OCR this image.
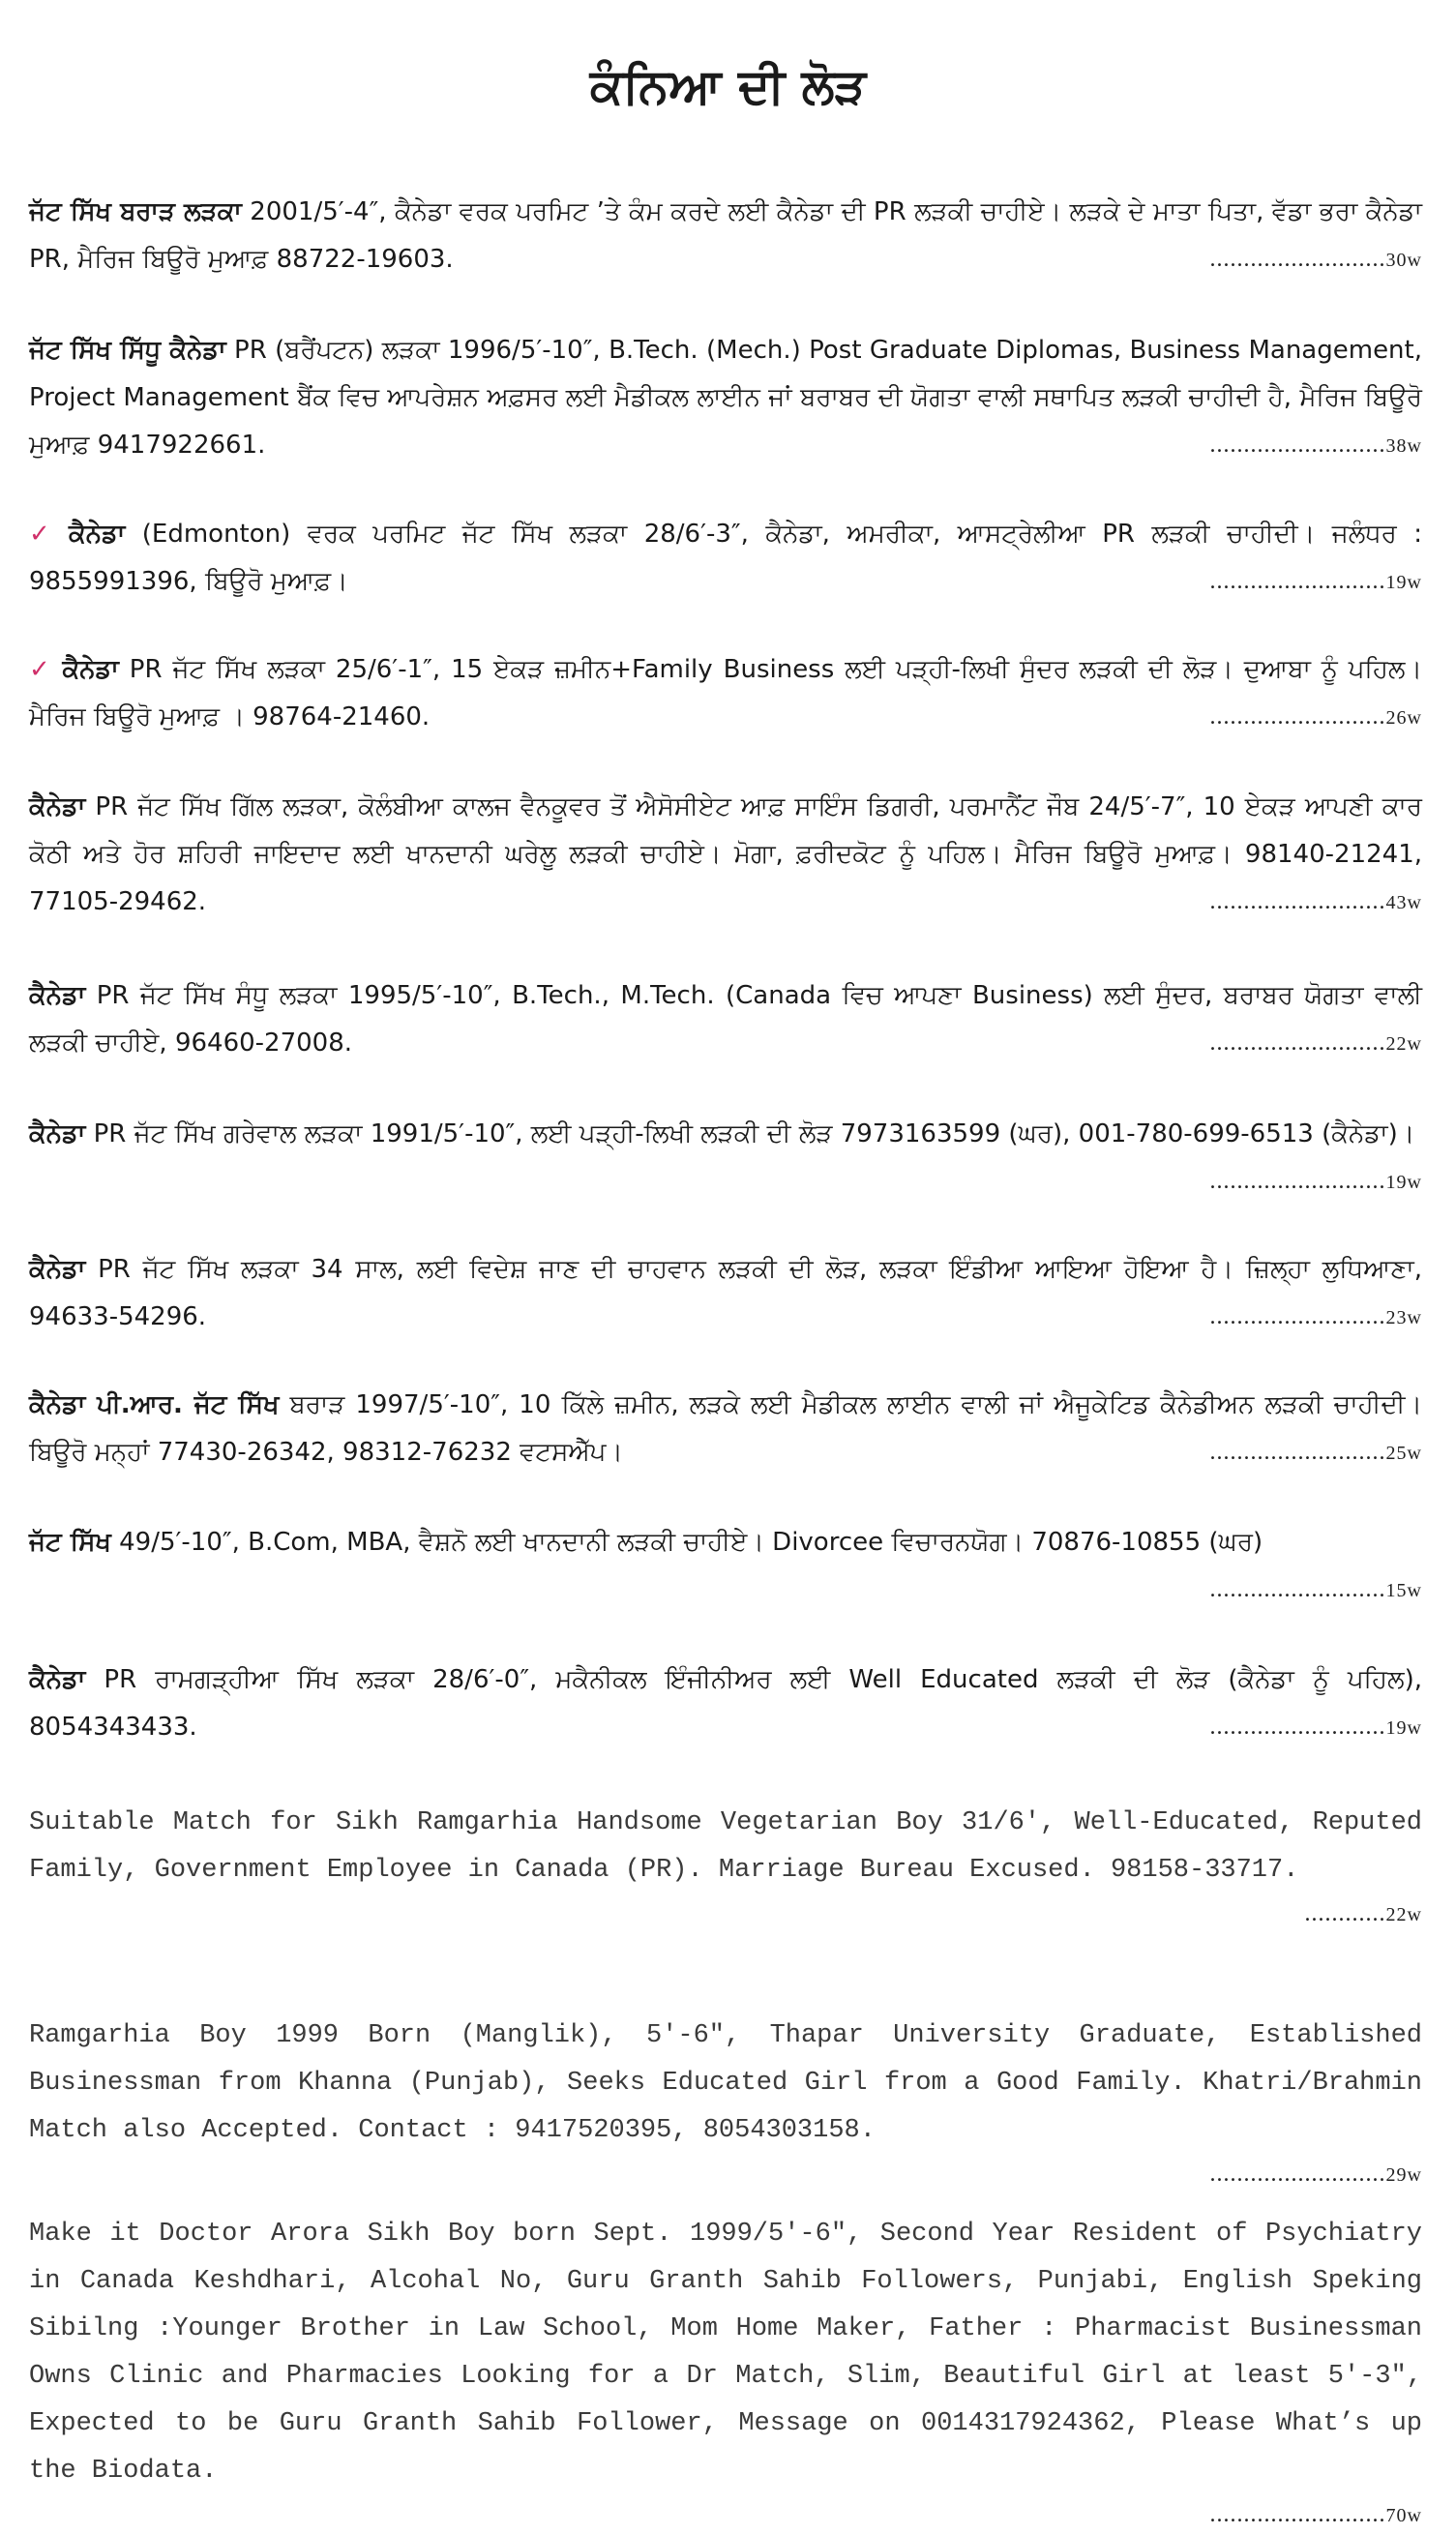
ਕੰਨਿਆ ਦੀ ਲੋੜ
ਜੱਟ ਸਿੱਖ ਬਰਾੜ ਲੜਕਾ 2001/5′-4″, ਕੈਨੇਡਾ ਵਰਕ ਪਰਮਿਟ ’ਤੇ ਕੰਮ ਕਰਦੇ ਲਈ ਕੈਨੇਡਾ ਦੀ PR ਲੜਕੀ ਚਾਹੀਏ। ਲੜਕੇ ਦੇ ਮਾਤਾ ਪਿਤਾ, ਵੱਡਾ ਭਰਾ ਕੈਨੇਡਾ PR, ਮੈਰਿਜ ਬਿਊਰੋ ਮੁਆਫ਼ 88722-19603.	..........................30w
ਜੱਟ ਸਿੱਖ ਸਿੱਧੂ ਕੈਨੇਡਾ PR (ਬਰੈਂਪਟਨ) ਲੜਕਾ 1996/5′-10″, B.Tech. (Mech.) Post Graduate Diplomas, Business Management, Project Management ਬੈਂਕ ਵਿਚ ਆਪਰੇਸ਼ਨ ਅਫ਼ਸਰ ਲਈ ਮੈਡੀਕਲ ਲਾਈਨ ਜਾਂ ਬਰਾਬਰ ਦੀ ਯੋਗਤਾ ਵਾਲੀ ਸਥਾਪਿਤ ਲੜਕੀ ਚਾਹੀਦੀ ਹੈ, ਮੈਰਿਜ ਬਿਊਰੋ ਮੁਆਫ਼ 9417922661.	..........................38w
✓ ਕੈਨੇਡਾ (Edmonton) ਵਰਕ ਪਰਮਿਟ ਜੱਟ ਸਿੱਖ ਲੜਕਾ 28/6′-3″, ਕੈਨੇਡਾ, ਅਮਰੀਕਾ, ਆਸਟ੍ਰੇਲੀਆ PR ਲੜਕੀ ਚਾਹੀਦੀ। ਜਲੰਧਰ : 9855991396, ਬਿਊਰੋ ਮੁਆਫ਼।	..........................19w
✓ ਕੈਨੇਡਾ PR ਜੱਟ ਸਿੱਖ ਲੜਕਾ 25/6′-1″, 15 ਏਕੜ ਜ਼ਮੀਨ+Family Business ਲਈ ਪੜ੍ਹੀ-ਲਿਖੀ ਸੁੰਦਰ ਲੜਕੀ ਦੀ ਲੋੜ। ਦੁਆਬਾ ਨੂੰ ਪਹਿਲ। ਮੈਰਿਜ ਬਿਊਰੋ ਮੁਆਫ਼ । 98764-21460.	..........................26w
ਕੈਨੇਡਾ PR ਜੱਟ ਸਿੱਖ ਗਿੱਲ ਲੜਕਾ, ਕੋਲੰਬੀਆ ਕਾਲਜ ਵੈਨਕੂਵਰ ਤੋਂ ਐਸੋਸੀਏਟ ਆਫ਼ ਸਾਇੰਸ ਡਿਗਰੀ, ਪਰਮਾਨੈਂਟ ਜੌਬ 24/5′-7″, 10 ਏਕੜ ਆਪਣੀ ਕਾਰ ਕੋਠੀ ਅਤੇ ਹੋਰ ਸ਼ਹਿਰੀ ਜਾਇਦਾਦ ਲਈ ਖਾਨਦਾਨੀ ਘਰੇਲੂ ਲੜਕੀ ਚਾਹੀਏ। ਮੋਗਾ, ਫ਼ਰੀਦਕੋਟ ਨੂੰ ਪਹਿਲ। ਮੈਰਿਜ ਬਿਊਰੋ ਮੁਆਫ਼। 98140-21241, 77105-29462.	..........................43w
ਕੈਨੇਡਾ PR ਜੱਟ ਸਿੱਖ ਸੰਧੂ ਲੜਕਾ 1995/5′-10″, B.Tech., M.Tech. (Canada ਵਿਚ ਆਪਣਾ Business) ਲਈ ਸੁੰਦਰ, ਬਰਾਬਰ ਯੋਗਤਾ ਵਾਲੀ ਲੜਕੀ ਚਾਹੀਏ, 96460-27008.	..........................22w
ਕੈਨੇਡਾ PR ਜੱਟ ਸਿੱਖ ਗਰੇਵਾਲ ਲੜਕਾ 1991/5′-10″, ਲਈ ਪੜ੍ਹੀ-ਲਿਖੀ ਲੜਕੀ ਦੀ ਲੋੜ 7973163599 (ਘਰ), 001-780-699-6513 (ਕੈਨੇਡਾ)।
..........................19w
ਕੈਨੇਡਾ PR ਜੱਟ ਸਿੱਖ ਲੜਕਾ 34 ਸਾਲ, ਲਈ ਵਿਦੇਸ਼ ਜਾਣ ਦੀ ਚਾਹਵਾਨ ਲੜਕੀ ਦੀ ਲੋੜ, ਲੜਕਾ ਇੰਡੀਆ ਆਇਆ ਹੋਇਆ ਹੈ। ਜ਼ਿਲ੍ਹਾ ਲੁਧਿਆਣਾ, 94633-54296.	..........................23w
ਕੈਨੇਡਾ ਪੀ.ਆਰ. ਜੱਟ ਸਿੱਖ ਬਰਾੜ 1997/5′-10″, 10 ਕਿੱਲੇ ਜ਼ਮੀਨ, ਲੜਕੇ ਲਈ ਮੈਡੀਕਲ ਲਾਈਨ ਵਾਲੀ ਜਾਂ ਐਜੂਕੇਟਿਡ ਕੈਨੇਡੀਅਨ ਲੜਕੀ ਚਾਹੀਦੀ। ਬਿਊਰੋ ਮਨ੍ਹਾਂ 77430-26342, 98312-76232 ਵਟਸਐੱਪ।	..........................25w
ਜੱਟ ਸਿੱਖ 49/5′-10″, B.Com, MBA, ਵੈਸ਼ਨੋ ਲਈ ਖਾਨਦਾਨੀ ਲੜਕੀ ਚਾਹੀਏ। Divorcee ਵਿਚਾਰਨਯੋਗ। 70876-10855 (ਘਰ)
..........................15w
ਕੈਨੇਡਾ PR ਰਾਮਗੜ੍ਹੀਆ ਸਿੱਖ ਲੜਕਾ 28/6′-0″, ਮਕੈਨੀਕਲ ਇੰਜੀਨੀਅਰ ਲਈ Well Educated ਲੜਕੀ ਦੀ ਲੋੜ (ਕੈਨੇਡਾ ਨੂੰ ਪਹਿਲ), 8054343433.	..........................19w
Suitable Match for Sikh Ramgarhia Handsome Vegetarian Boy 31/6′, Well-Educated, Reputed Family, Government Employee in Canada (PR). Marriage Bureau Excused. 98158-33717.
............22w
Ramgarhia Boy 1999 Born (Manglik), 5′-6", Thapar University Graduate, Established Businessman from Khanna (Punjab), Seeks Educated Girl from a Good Family. Khatri/Brahmin Match also Accepted. Contact : 9417520395, 8054303158.
..........................29w
Make it Doctor Arora Sikh Boy born Sept. 1999/5′-6", Second Year Resident of Psychiatry in Canada Keshdhari, Alcohal No, Guru Granth Sahib Followers, Punjabi, English Speking Sibilng :Younger Brother in Law School, Mom Home Maker, Father : Pharmacist Businessman Owns Clinic and Pharmacies Looking for a Dr Match, Slim, Beautiful Girl at least 5′-3", Expected to be Guru Granth Sahib Follower, Message on 0014317924362, Please What’s up the Biodata.
..........................70w
